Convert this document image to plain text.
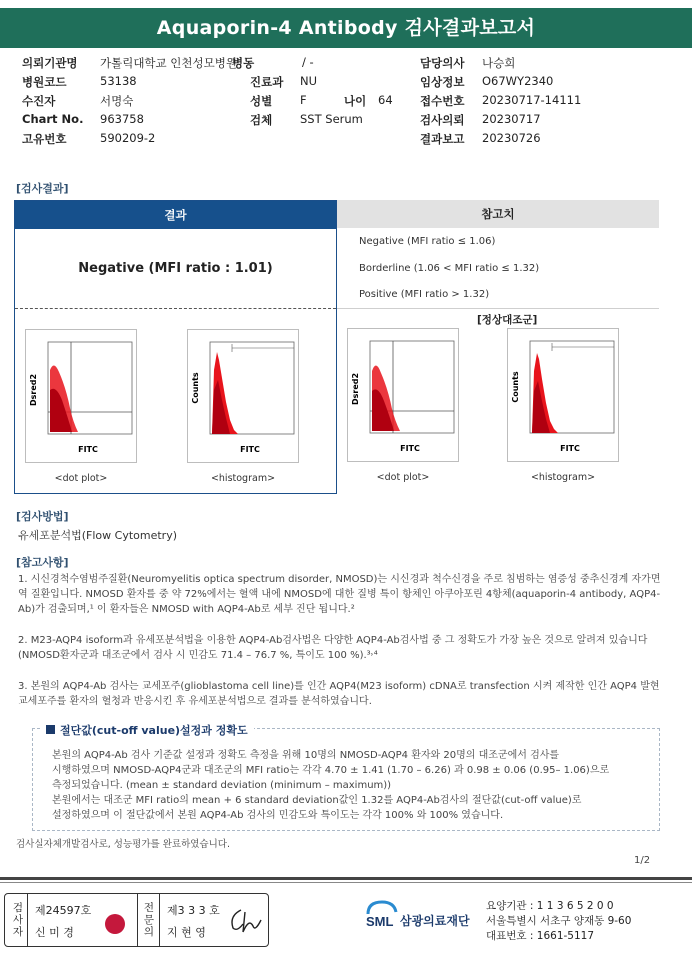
Aquaporin-4 Antibody 검사결과보고서
의뢰기관명 가톨릭대학교 인천성모병원
병동	/ -	담당의사 나승희
병원코드	53138	진료과 NU	임상정보 O67WY2340
수진자	서명숙	성별 F	나이 64 접수번호 20230717-14111
Chart No. 963758	검체 SST Serum	검사의뢰 20230717
고유번호	590209-2	결과보고 20230726
[검사결과]
결과
Negative (MFI ratio : 1.01)
Dsred2
FITC
<dot plot>
Counts
FITC
<histogram>
참고치
Negative (MFI ratio ≤ 1.06)
Borderline (1.06 < MFI ratio ≤ 1.32)
Positive (MFI ratio > 1.32)
[정상대조군]
Dsred2
FITC
<dot plot>
Counts
FITC
<histogram>
[검사방법]
유세포분석법(Flow Cytometry)
[참고사항]

1. 시신경척수염범주질환(Neuromyelitis optica spectrum disorder, NMOSD)는 시신경과 척수신경을 주로 침범하는 염증성 중추신경계 자가면역 질환입니다. NMOSD 환자를 중 약 72%에서는 혈액 내에 NMOSD에 대한 질병 특이 항체인 아쿠아포린 4항체(aquaporin-4 antibody, AQP4-Ab)가 검출되며,¹ 이 환자들은 NMOSD with AQP4-Ab로 세부 진단 됩니다.²

2. M23-AQP4 isoform과 유세포분석법을 이용한 AQP4-Ab검사법은 다양한 AQP4-Ab검사법 중 그 정확도가 가장 높은 것으로 알려져 있습니다(NMOSD환자군과 대조군에서 검사 시 민감도 71.4 – 76.7 %, 특이도 100 %).³˒⁴

3. 본원의 AQP4-Ab 검사는 교세포주(glioblastoma cell line)를 인간 AQP4(M23 isoform) cDNA로 transfection 시켜 제작한 인간 AQP4 발현 교세포주를 환자의 혈청과 반응시킨 후 유세포분석법으로 결과를 분석하였습니다.

절단값(cut-off value)설정과 정확도
본원의 AQP4-Ab 검사 기준값 설정과 정확도 측정을 위해 10명의 NMOSD-AQP4 환자와 20명의 대조군에서 검사를
시행하였으며 NMOSD-AQP4군과 대조군의 MFI ratio는 각각 4.70 ± 1.41 (1.70 – 6.26) 과 0.98 ± 0.06 (0.95– 1.06)으로
측정되었습니다. (mean ± standard deviation (minimum – maximum))
본원에서는 대조군 MFI ratio의 mean + 6 standard deviation값인 1.32를 AQP4-Ab검사의 절단값(cut-off value)로
설정하였으며 이 절단값에서 본원 AQP4-Ab 검사의 민감도와 특이도는 각각 100% 와 100% 였습니다.
검사실자체개발검사로, 성능평가를 완료하였습니다.
1/2
검사자
제24597호
신 미 경
전문의
제3 3 3 호
지 현 영
SML 삼광의료재단
요양기관 : 1 1 3 6 5 2 0 0
서울특별시 서초구 양재동 9-60
대표번호 : 1661-5117
